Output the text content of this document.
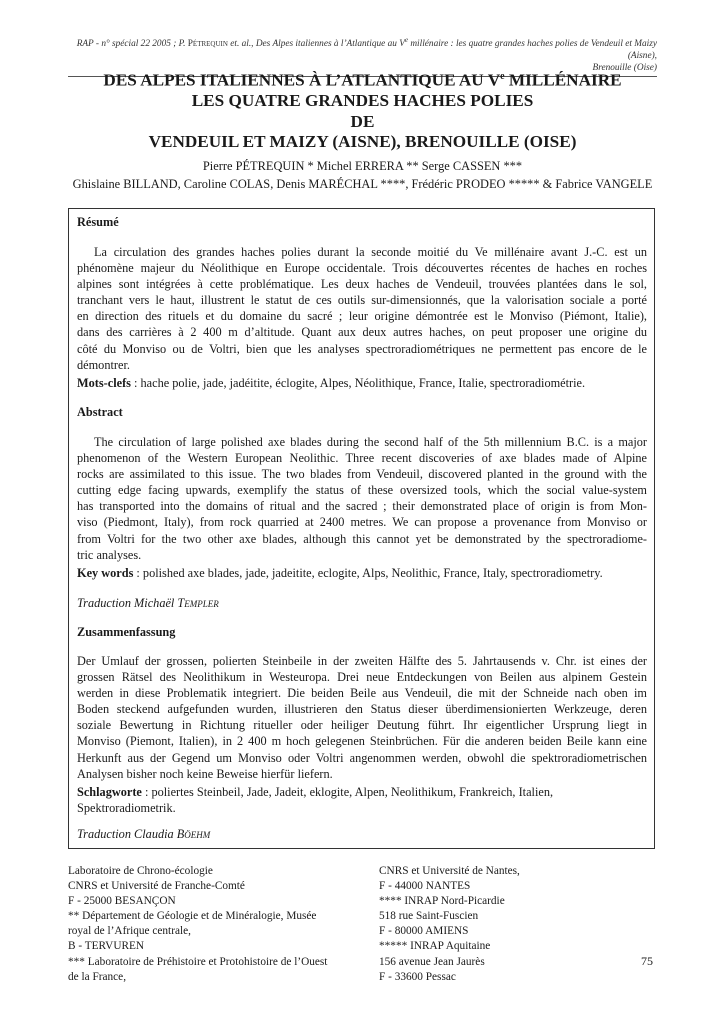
RAP - n° spécial 22 2005 ; P. Pétrequin et. al., Des Alpes italiennes à l’Atlantique au Ve millénaire : les quatre grandes haches polies de Vendeuil et Maizy (Aisne),
Brenouille (Oise)
DES ALPES ITALIENNES À L’ATLANTIQUE AU Ve MILLÉNAIRE
LES QUATRE GRANDES HACHES POLIES
DE
VENDEUIL ET MAIZY (AISNE), BRENOUILLE (OISE)
Pierre PÉTREQUIN * Michel ERRERA ** Serge CASSEN ***
Ghislaine BILLAND, Caroline COLAS, Denis MARÉCHAL ****, Frédéric PRODEO ***** & Fabrice VANGELE
Résumé
La circulation des grandes haches polies durant la seconde moitié du Ve millénaire avant J.-C. est un
phénomène majeur du Néolithique en Europe occidentale. Trois découvertes récentes de haches en roches
alpines sont intégrées à cette problématique. Les deux haches de Vendeuil, trouvées plantées dans le sol,
tranchant vers le haut, illustrent le statut de ces outils sur-dimensionnés, que la valorisation sociale a porté
en direction des rituels et du domaine du sacré ; leur origine démontrée est le Monviso (Piémont, Italie),
dans des carrières à 2 400 m d’altitude. Quant aux deux autres haches, on peut proposer une origine du
côté du Monviso ou de Voltri, bien que les analyses spectroradiométriques ne permettent pas encore de le
démontrer.
Mots-clefs : hache polie, jade, jadéitite, éclogite, Alpes, Néolithique, France, Italie, spectroradiométrie.
Abstract
The circulation of large polished axe blades during the second half of the 5th millennium B.C. is a major
phenomenon of the Western European Neolithic. Three recent discoveries of axe blades made of Alpine
rocks are assimilated to this issue. The two blades from Vendeuil, discovered planted in the ground with the
cutting edge facing upwards, exemplify the status of these oversized tools, which the social value-system
has transported into the domains of ritual and the sacred ; their demonstrated place of origin is from Mon-
viso (Piedmont, Italy), from rock quarried at 2400 metres. We can propose a provenance from Monviso or
from Voltri for the two other axe blades, although this cannot yet be demonstrated by the spectroradiome-
tric analyses.
Key words : polished axe blades, jade, jadeitite, eclogite, Alps, Neolithic, France, Italy, spectroradiometry.
Traduction Michaël Templer
Zusammenfassung
Der Umlauf der grossen, polierten Steinbeile in der zweiten Hälfte des 5. Jahrtausends v. Chr. ist eines der
grossen Rätsel des Neolithikum in Westeuropa. Drei neue Entdeckungen von Beilen aus alpinem Gestein
werden in diese Problematik integriert. Die beiden Beile aus Vendeuil, die mit der Schneide nach oben im
Boden steckend aufgefunden wurden, illustrieren den Status dieser überdimensionierten Werkzeuge, deren
soziale Bewertung in Richtung ritueller oder heiliger Deutung führt. Ihr eigentlicher Ursprung liegt in
Monviso (Piemont, Italien), in 2 400 m hoch gelegenen Steinbrüchen. Für die anderen beiden Beile kann eine
Herkunft aus der Gegend um Monviso oder Voltri angenommen werden, obwohl die spektroradiometrischen
Analysen bisher noch keine Beweise hierfür liefern.
Schlagworte : poliertes Steinbeil, Jade, Jadeit, eklogite, Alpen, Neolithikum, Frankreich, Italien,
Spektroradiometrik.
Traduction Claudia Böehm
Laboratoire de Chrono-écologie
CNRS et Université de Franche-Comté
F - 25000 BESANÇON
** Département de Géologie et de Minéralogie, Musée
royal de l’Afrique centrale,
B - TERVUREN
*** Laboratoire de Préhistoire et Protohistoire de l’Ouest
de la France,
CNRS et Université de Nantes,
F - 44000 NANTES
**** INRAP Nord-Picardie
518 rue Saint-Fuscien
F - 80000 AMIENS
***** INRAP Aquitaine
156 avenue Jean Jaurès
F - 33600 Pessac
75
